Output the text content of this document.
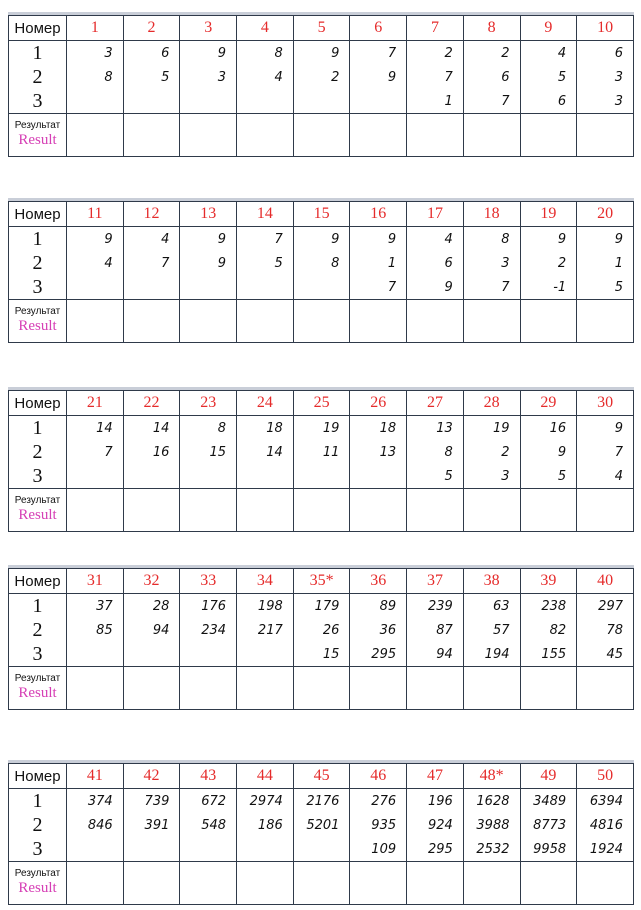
Номер	1	2	3	4	5	6	7	8	9	10
1	3	6	9	8	9	7	2	2	4	6
2	8	5	3	4	2	9	7	6	5	3
3							1	7	6	3

Результат
Result										

Номер	11	12	13	14	15	16	17	18	19	20
1	9	4	9	7	9	9	4	8	9	9
2	4	7	9	5	8	1	6	3	2	1
3						7	9	7	-1	5

Результат
Result										

Номер	21	22	23	24	25	26	27	28	29	30
1	14	14	8	18	19	18	13	19	16	9
2	7	16	15	14	11	13	8	2	9	7
3							5	3	5	4

Результат
Result										

Номер	31	32	33	34	35*	36	37	38	39	40
1	37	28	176	198	179	89	239	63	238	297
2	85	94	234	217	26	36	87	57	82	78
3					15	295	94	194	155	45

Результат
Result										

Номер	41	42	43	44	45	46	47	48*	49	50
1	374	739	672	2974	2176	276	196	1628	3489	6394
2	846	391	548	186	5201	935	924	3988	8773	4816
3						109	295	2532	9958	1924

Результат
Result										
